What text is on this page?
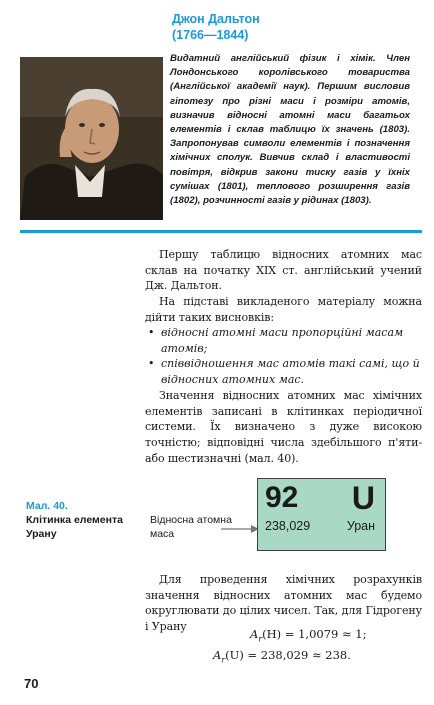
Джон Дальтон
(1766—1844)

Видатний англійський фізик і хімік. Член Лондонського королівського товариства (Англійської академії наук). Першим висловив гіпотезу про різні маси і розміри атомів, визначив відносні атомні маси багатьох елементів і склав таблицю їх значень (1803). Запропонував символи елементів і позначення хімічних сполук. Вивчив склад і властивості повітря, відкрив закони тиску газів у їхніх сумішах (1801), теплового розширення газів (1802), розчинності газів у рідинах (1803).

Першу таблицю відносних атомних мас склав на початку XIX ст. англійський учений Дж. Дальтон.

На підставі викладеного матеріалу можна дійти таких висновків:

• відносні атомні маси пропорційні масам атомів;
• співвідношення мас атомів такі самі, що й відносних атомних мас.

Значення відносних атомних мас хімічних елементів записані в клітинках періодичної системи. Їх визначено з дуже високою точністю; відповідні числа здебільшого п'яти- або шестизначні (мал. 40).

Мал. 40.
Клітинка елемента Урану
Відносна атомна маса
92 U
238,029	Уран

Для проведення хімічних розрахунків значення відносних атомних мас будемо округлювати до цілих чисел. Так, для Гідрогену і Урану

$A_r(H) = 1,0079 \approx 1$;
$A_r(U) = 238,029 \approx 238$.
70
